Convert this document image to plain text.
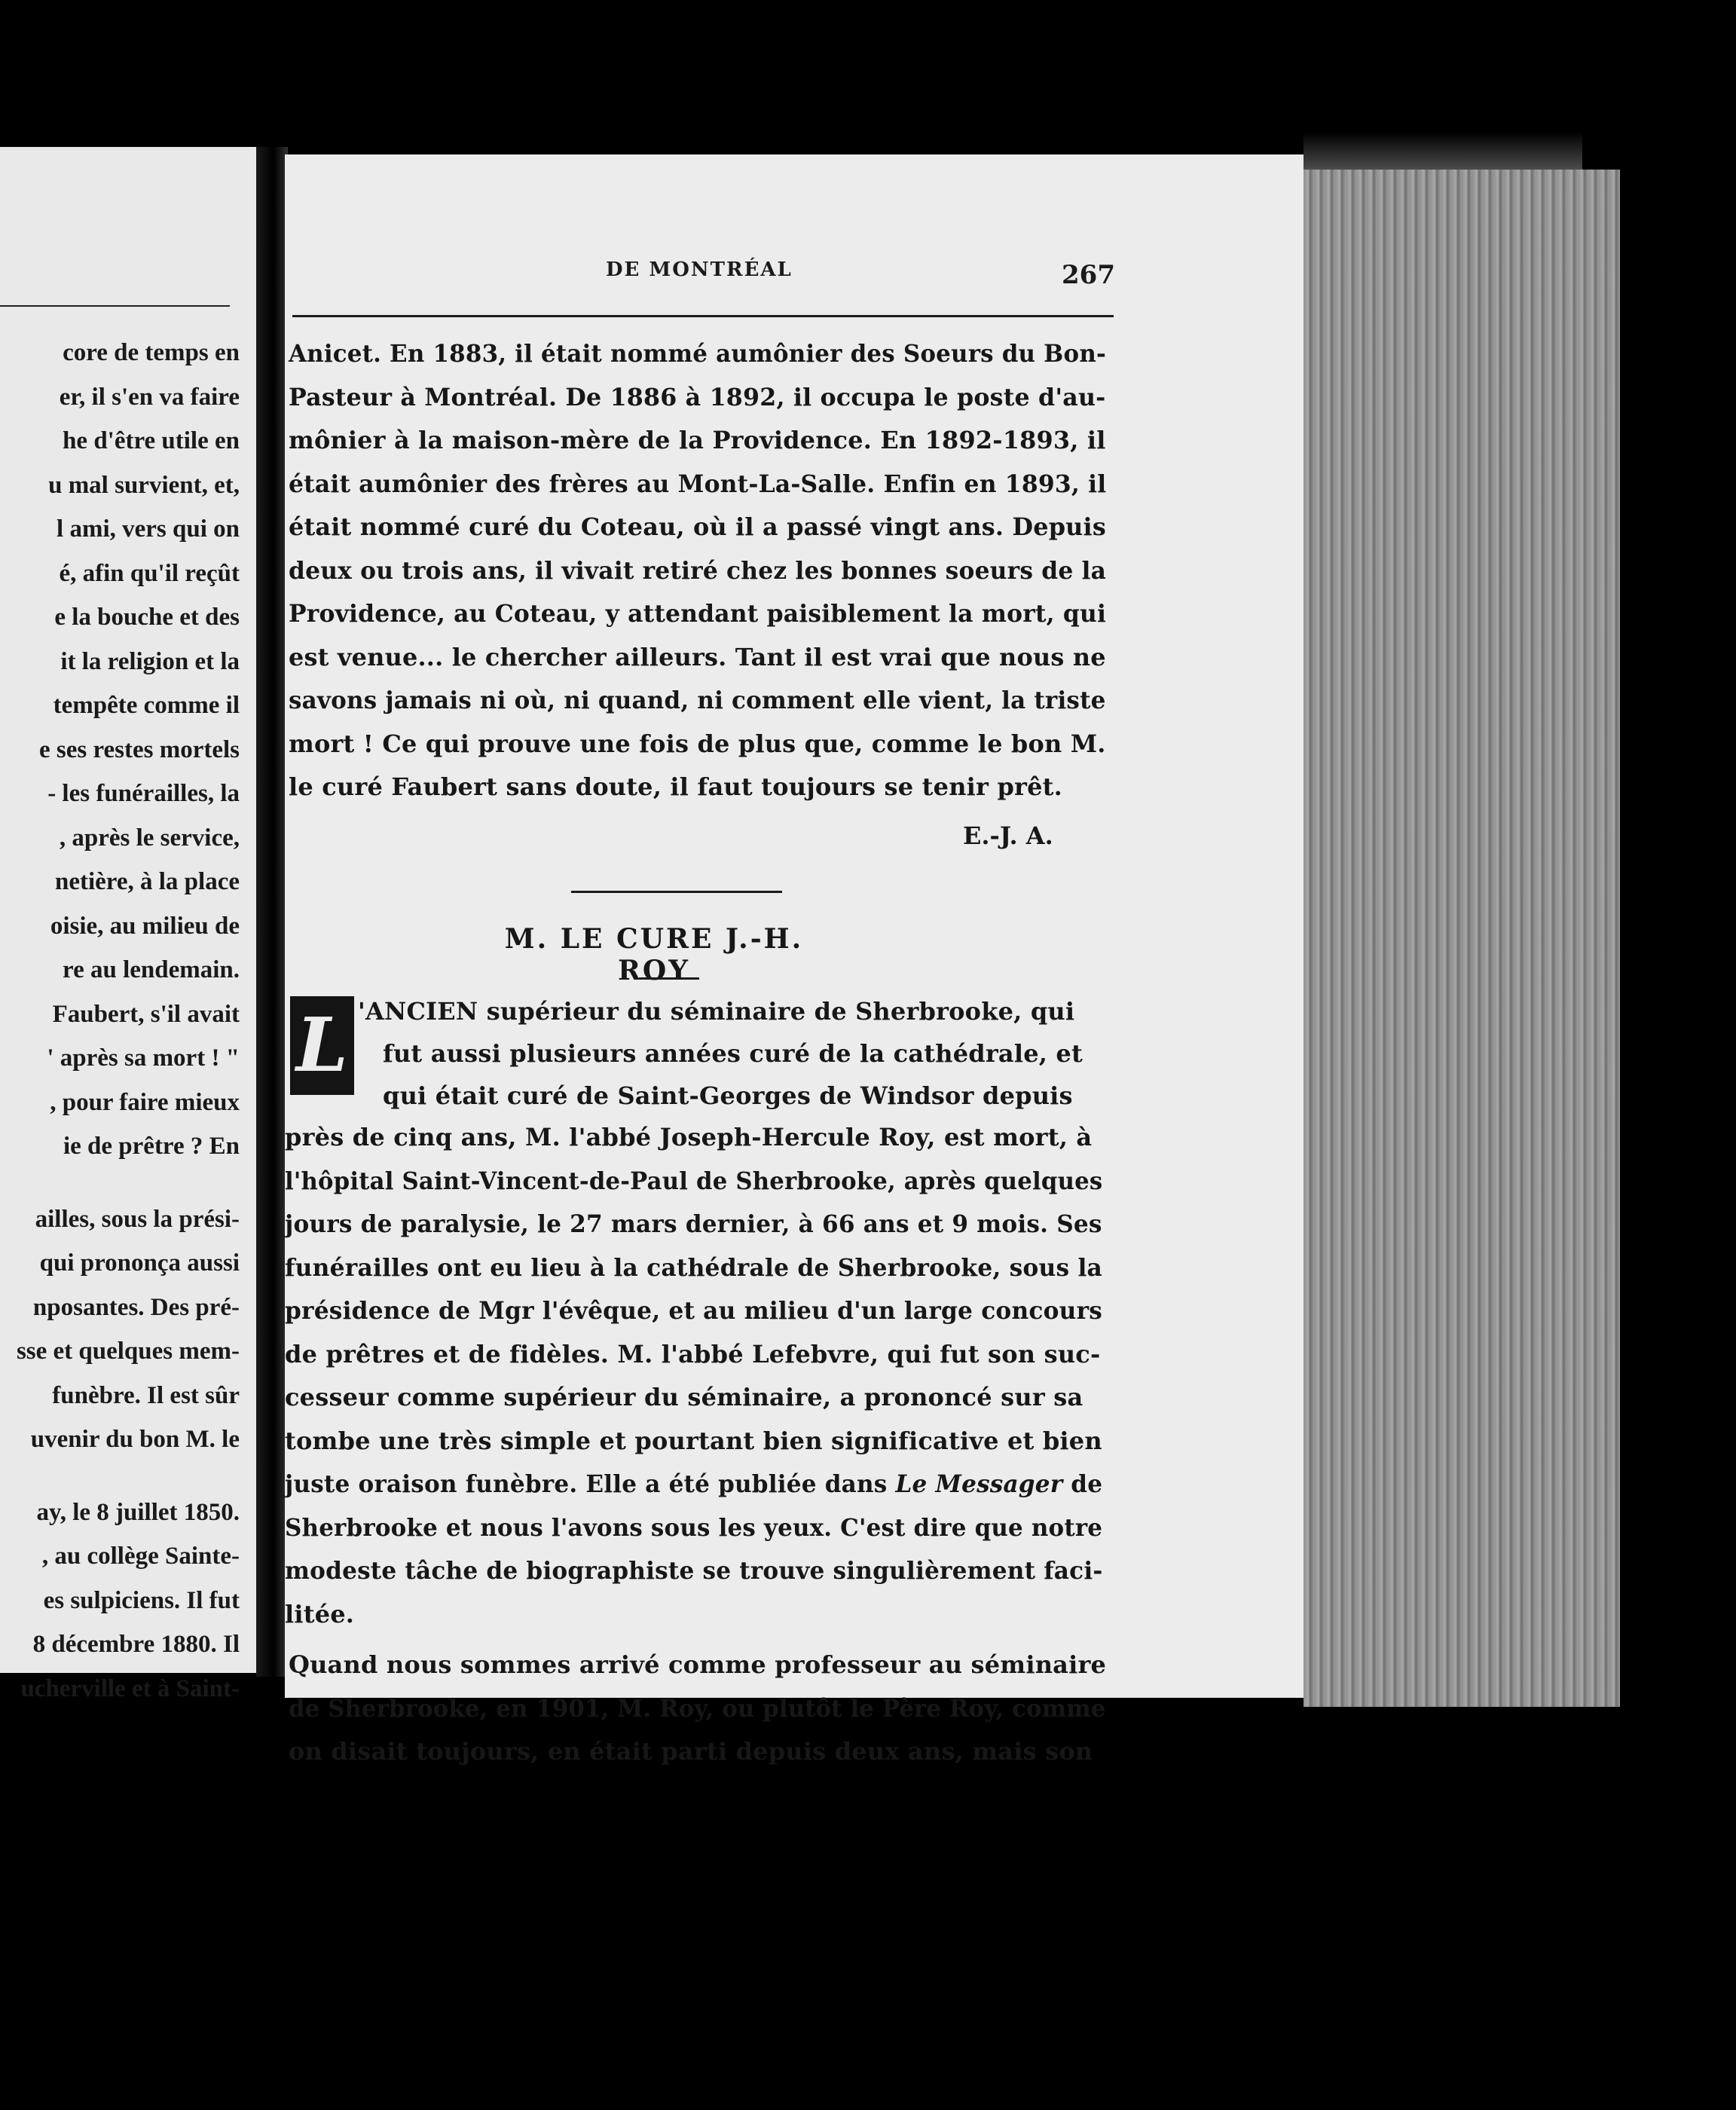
core de temps en
er, il s'en va faire
he d'être utile en
u mal survient, et,
l ami, vers qui on
é, afin qu'il reçût
e la bouche et des
it la religion et la
tempête comme il
e ses restes mortels
- les funérailles, la
, après le service,
netière, à la place
oisie, au milieu de
re au lendemain.
Faubert, s'il avait
' après sa mort ! "
, pour faire mieux
ie de prêtre ? En
ailles, sous la prési-
qui prononça aussi
nposantes. Des pré-
sse et quelques mem-
funèbre. Il est sûr
uvenir du bon M. le
ay, le 8 juillet 1850.
, au collège Sainte-
es sulpiciens. Il fut
8 décembre 1880. Il
ucherville et à Saint-
DE MONTRÉAL	267
Anicet. En 1883, il était nommé aumônier des Soeurs du Bon-
Pasteur à Montréal. De 1886 à 1892, il occupa le poste d'au-
mônier à la maison-mère de la Providence. En 1892-1893, il
était aumônier des frères au Mont-La-Salle. Enfin en 1893, il
était nommé curé du Coteau, où il a passé vingt ans. Depuis
deux ou trois ans, il vivait retiré chez les bonnes soeurs de la
Providence, au Coteau, y attendant paisiblement la mort, qui
est venue... le chercher ailleurs. Tant il est vrai que nous ne
savons jamais ni où, ni quand, ni comment elle vient, la triste
mort ! Ce qui prouve une fois de plus que, comme le bon M.
le curé Faubert sans doute, il faut toujours se tenir prêt.
E.-J. A.
M. LE CURE J.-H. ROY
L 'ANCIEN supérieur du séminaire de Sherbrooke, qui
fut aussi plusieurs années curé de la cathédrale, et
qui était curé de Saint-Georges de Windsor depuis
près de cinq ans, M. l'abbé Joseph-Hercule Roy, est mort, à
l'hôpital Saint-Vincent-de-Paul de Sherbrooke, après quelques
jours de paralysie, le 27 mars dernier, à 66 ans et 9 mois. Ses
funérailles ont eu lieu à la cathédrale de Sherbrooke, sous la
présidence de Mgr l'évêque, et au milieu d'un large concours
de prêtres et de fidèles. M. l'abbé Lefebvre, qui fut son suc-
cesseur comme supérieur du séminaire, a prononcé sur sa
tombe une très simple et pourtant bien significative et bien
juste oraison funèbre. Elle a été publiée dans Le Messager de
Sherbrooke et nous l'avons sous les yeux. C'est dire que notre
modeste tâche de biographiste se trouve singulièrement faci-
litée.
Quand nous sommes arrivé comme professeur au séminaire
de Sherbrooke, en 1901, M. Roy, ou plutôt le Père Roy, comme
on disait toujours, en était parti depuis deux ans, mais son
